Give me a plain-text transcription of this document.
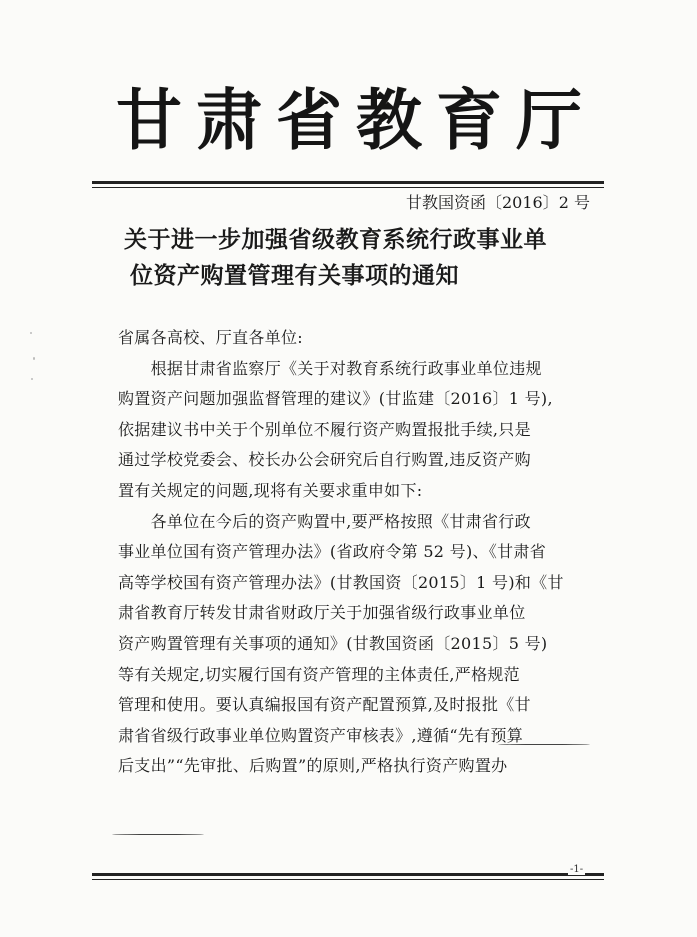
甘肃省教育厅
甘教国资函〔2016〕2 号
关于进一步加强省级教育系统行政事业单
位资产购置管理有关事项的通知
省属各高校、厅直各单位:
　　根据甘肃省监察厅《关于对教育系统行政事业单位违规
购置资产问题加强监督管理的建议》(甘监建〔2016〕1 号),
依据建议书中关于个别单位不履行资产购置报批手续,只是
通过学校党委会、校长办公会研究后自行购置,违反资产购
置有关规定的问题,现将有关要求重申如下:
　　各单位在今后的资产购置中,要严格按照《甘肃省行政
事业单位国有资产管理办法》(省政府令第 52 号)、《甘肃省
高等学校国有资产管理办法》(甘教国资〔2015〕1 号)和《甘
肃省教育厅转发甘肃省财政厅关于加强省级行政事业单位
资产购置管理有关事项的通知》(甘教国资函〔2015〕5 号)
等有关规定,切实履行国有资产管理的主体责任,严格规范
管理和使用。要认真编报国有资产配置预算,及时报批《甘
肃省省级行政事业单位购置资产审核表》,遵循“先有预算
后支出”“先审批、后购置”的原则,严格执行资产购置办
-1-
